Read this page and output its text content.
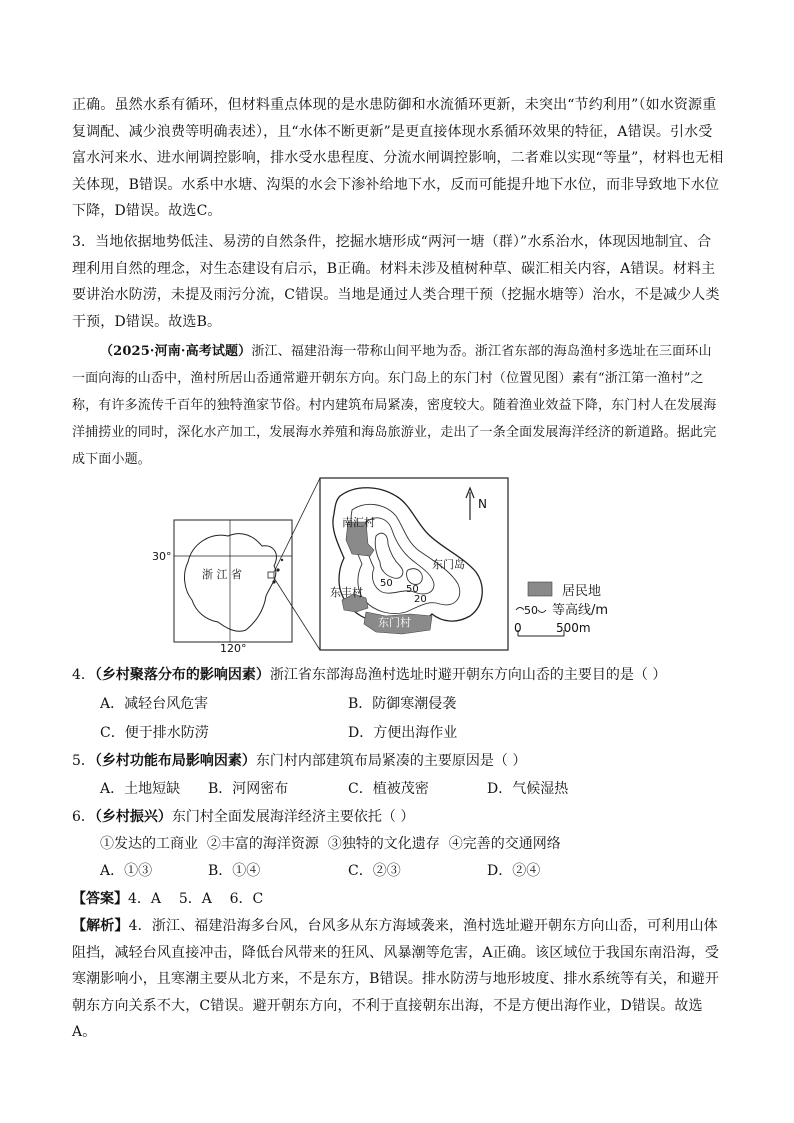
正确。虽然水系有循环，但材料重点体现的是水患防御和水流循环更新，未突出“节约利用”（如水资源重复调配、减少浪费等明确表述），且“水体不断更新”是更直接体现水系循环效果的特征，A错误。引水受富水河来水、进水闸调控影响，排水受水患程度、分流水闸调控影响，二者难以实现“等量”，材料也无相关体现，B错误。水系中水塘、沟渠的水会下渗补给地下水，反而可能提升地下水位，而非导致地下水位下降，D错误。故选C。
3．当地依据地势低洼、易涝的自然条件，挖掘水塘形成“两河一塘（群）”水系治水，体现因地制宜、合理利用自然的理念，对生态建设有启示，B正确。材料未涉及植树种草、碳汇相关内容，A错误。材料主要讲治水防涝，未提及雨污分流，C错误。当地是通过人类合理干预（挖掘水塘等）治水，不是减少人类干预，D错误。故选B。
（2025·河南·高考试题）浙江、福建沿海一带称山间平地为岙。浙江省东部的海岛渔村多选址在三面环山一面向海的山岙中，渔村所居山岙通常避开朝东方向。东门岛上的东门村（位置见图）素有“浙江第一渔村”之称，有许多流传千百年的独特渔家节俗。村内建筑布局紧凑，密度较大。随着渔业效益下降，东门村人在发展海洋捕捞业的同时，深化水产加工，发展海水养殖和海岛旅游业，走出了一条全面发展海洋经济的新道路。据此完成下面小题。
30°
120°
浙 江 省
N
南汇村
东门岛
50
50
20
东丰村
东门村
居民地
50 等高线/m
0	500m
4．（乡村聚落分布的影响因素）浙江省东部海岛渔村选址时避开朝东方向山岙的主要目的是（ ）
A．减轻台风危害	B．防御寒潮侵袭
C．便于排水防涝	D．方便出海作业
5．（乡村功能布局影响因素）东门村内部建筑布局紧凑的主要原因是（ ）
A．土地短缺 B．河网密布	C．植被茂密	D．气候湿热
6．（乡村振兴）东门村全面发展海洋经济主要依托（ ）
①发达的工商业  ②丰富的海洋资源  ③独特的文化遗存  ④完善的交通网络
A．①③	B．①④	C．②③	D．②④
【答案】4．A    5．A    6．C
【解析】4．浙江、福建沿海多台风，台风多从东方海域袭来，渔村选址避开朝东方向山岙，可利用山体阻挡，减轻台风直接冲击，降低台风带来的狂风、风暴潮等危害，A正确。该区域位于我国东南沿海，受寒潮影响小，且寒潮主要从北方来，不是东方，B错误。排水防涝与地形坡度、排水系统等有关，和避开朝东方向关系不大，C错误。避开朝东方向，不利于直接朝东出海，不是方便出海作业，D错误。故选A。
